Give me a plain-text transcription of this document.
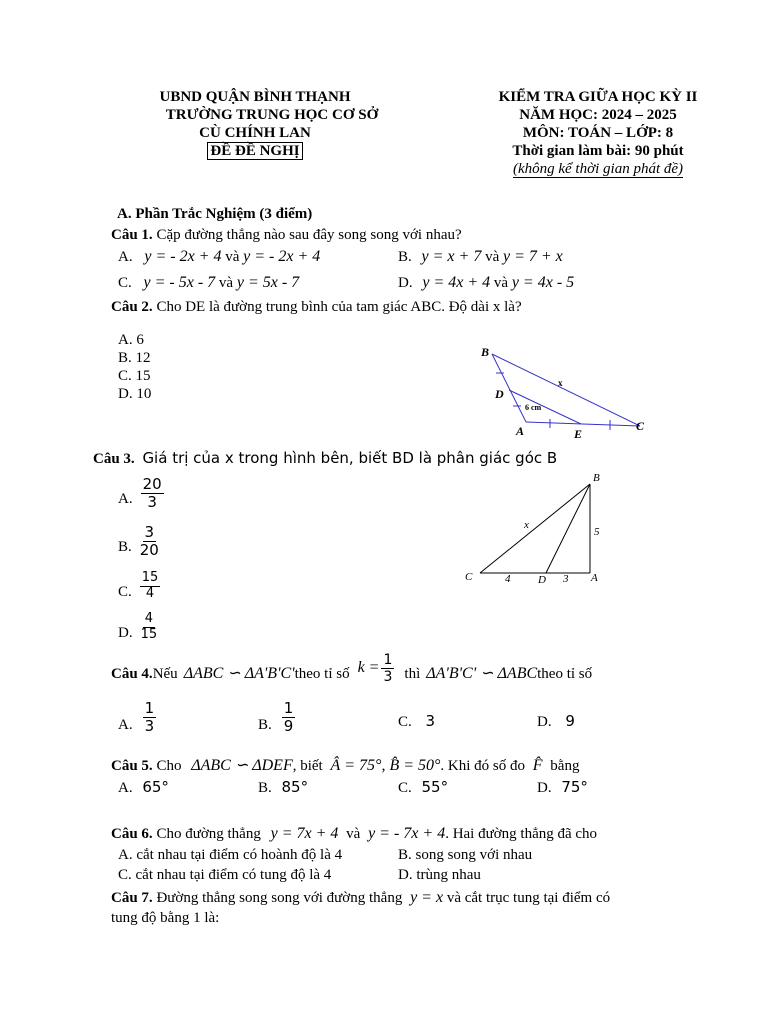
UBND QUẬN BÌNH THẠNH
TRƯỜNG TRUNG HỌC CƠ SỞ
CÙ CHÍNH LAN
ĐỀ ĐỀ NGHỊ
KIỂM TRA GIỮA HỌC KỲ II
NĂM HỌC: 2024 – 2025
MÔN: TOÁN – LỚP: 8
Thời gian làm bài: 90 phút
(không kể thời gian phát đề)
A. Phần Trắc Nghiệm (3 điểm)
Câu 1. Cặp đường thẳng nào sau đây song song với nhau?
A. y = - 2x + 4 và y = - 2x + 4	B. y = x + 7 và y = 7 + x
C. y = - 5x - 7 và y = 5x - 7	D. y = 4x + 4 và y = 4x - 5
Câu 2. Cho DE là đường trung bình của tam giác ABC. Độ dài x là?
A. 6
B. 12
C. 15
D. 10
B
D
A	E
C
x
6 cm
Câu 3. Giá trị của x trong hình bên, biết BD là phân giác góc B
A. $\frac{20}{3}$
B. $\frac{3}{20}$
C. $\frac{15}{4}$
D. $\frac{4}{15}$
B
C	D	A
x
5
4	3
Câu 4. Nếu ΔABC ∽ ΔA'B'C' theo tỉ số $k = \frac{1}{3}$ thì ΔA'B'C' ∽ ΔABC theo tỉ số
A. $\frac{1}{3}$	B. $\frac{1}{9}$	C. 3	D. 9
Câu 5. Cho ΔABC ∽ ΔDEF, biết Â = 75°, B̂ = 50°. Khi đó số đo F̂ bằng
A. 65°	B. 85°	C. 55°	D. 75°
Câu 6. Cho đường thẳng y = 7x + 4 và y = - 7x + 4. Hai đường thẳng đã cho
A. cắt nhau tại điểm có hoành độ là 4	B. song song với nhau
C. cắt nhau tại điểm có tung độ là 4	D. trùng nhau
Câu 7. Đường thẳng song song với đường thẳng y = x và cắt trục tung tại điểm có
tung độ bằng 1 là:
